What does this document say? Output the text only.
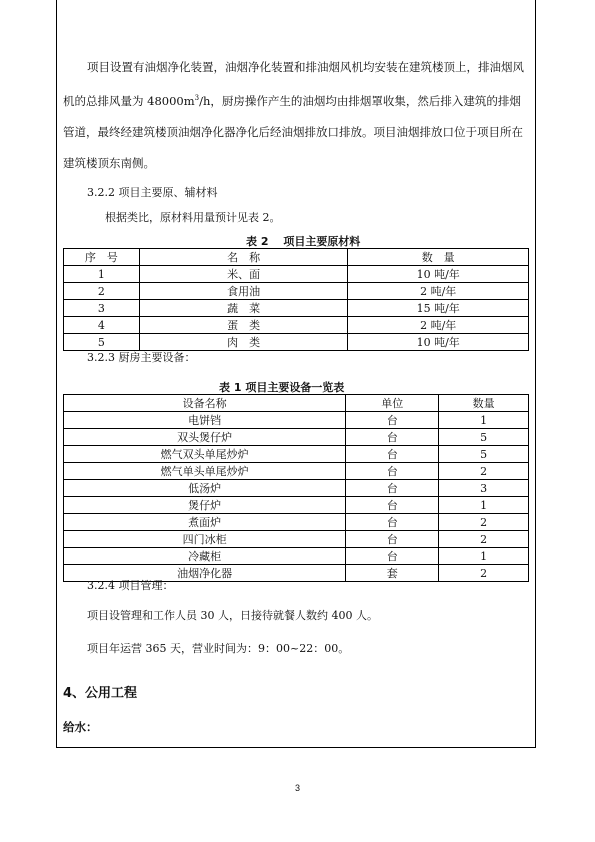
项目设置有油烟净化装置，油烟净化装置和排油烟风机均安装在建筑楼顶上，排油烟风机的总排风量为 $48000m^3/h$，厨房操作产生的油烟均由排烟罩收集，然后排入建筑的排烟管道，最终经建筑楼顶油烟净化器净化后经油烟排放口排放。项目油烟排放口位于项目所在建筑楼顶东南侧。
3.2.2 项目主要原、辅材料
根据类比，原材料用量预计见表 2。
表 2　 项目主要原材料
序　号	名　称	数　量
1	米、面	10 吨/年
2	食用油	2 吨/年
3	蔬　菜	15 吨/年
4	蛋　类	2 吨/年
5	肉　类	10 吨/年
3.2.3 厨房主要设备：
表 1 项目主要设备一览表
设备名称	单位	数量
电饼铛	台	1
双头煲仔炉	台	5
燃气双头单尾炒炉	台	5
燃气单头单尾炒炉	台	2
低汤炉	台	3
煲仔炉	台	1
煮面炉	台	2
四门冰柜	台	2
冷藏柜	台	1
油烟净化器	套	2
3.2.4 项目管理：
项目设管理和工作人员 30 人，日接待就餐人数约 400 人。
项目年运营 365 天，营业时间为：9：00~22：00。
4、公用工程
给水：
3
